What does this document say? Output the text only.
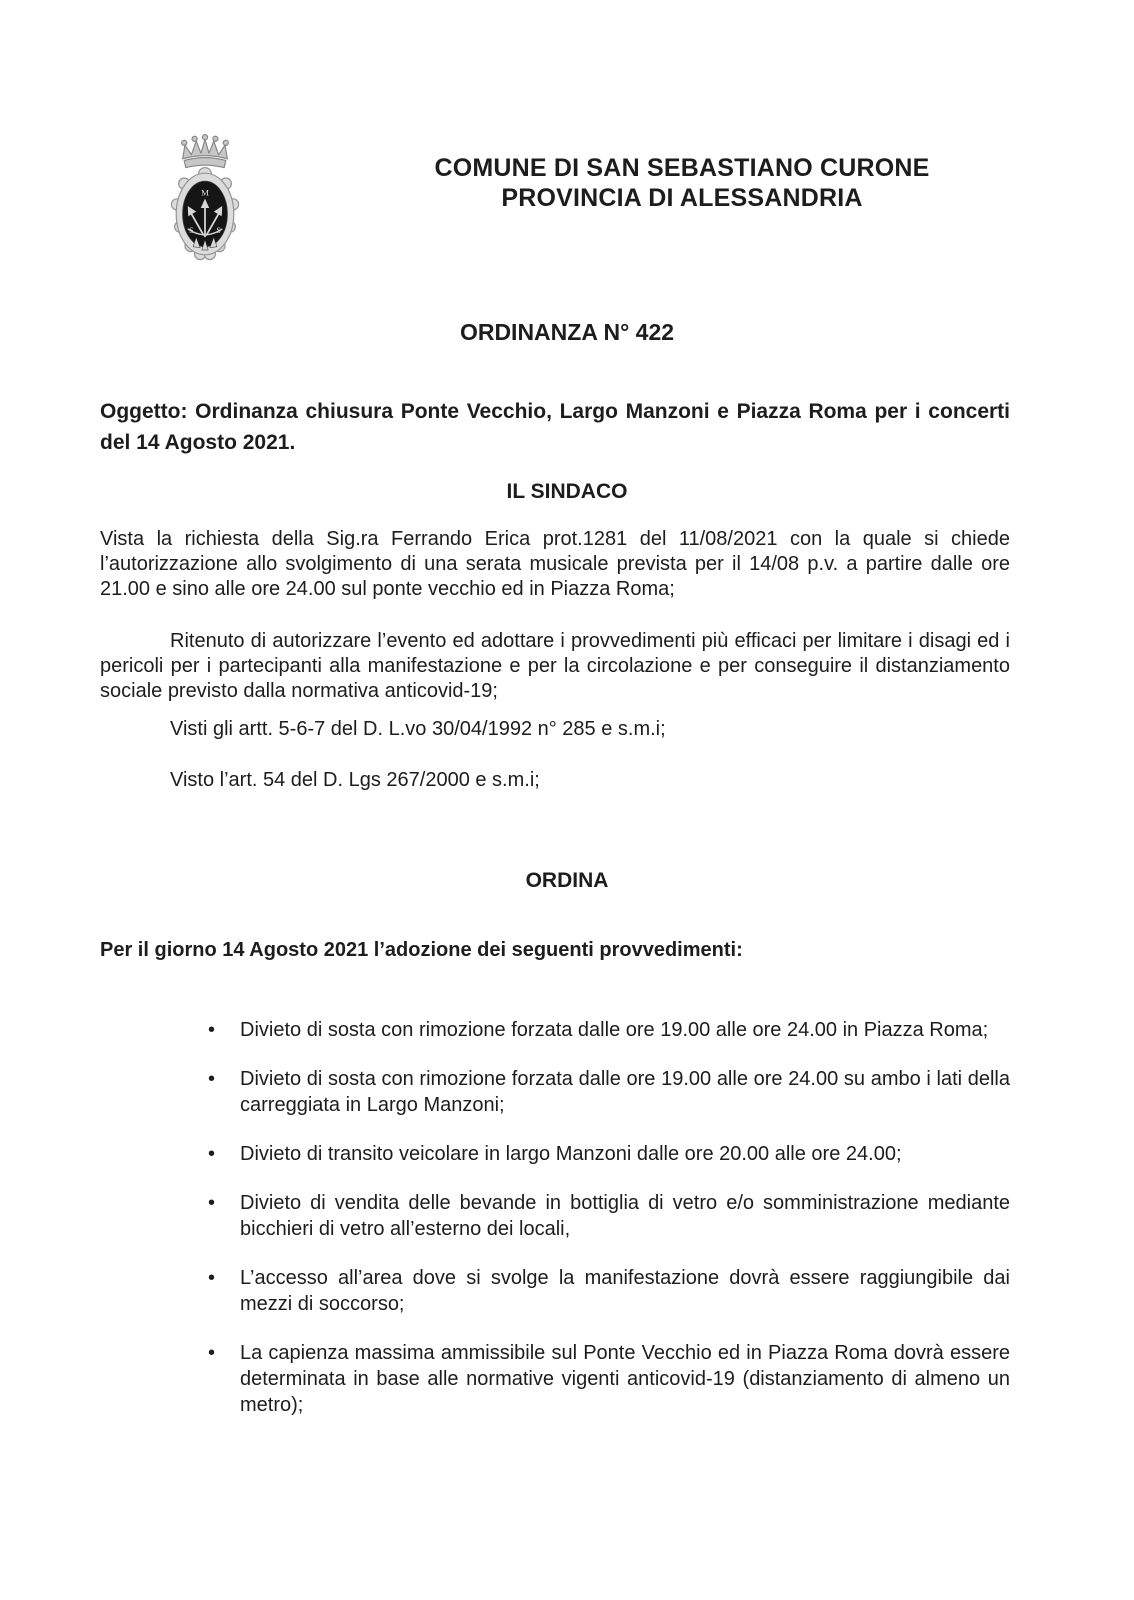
M
S S
COMUNE DI SAN SEBASTIANO CURONE
PROVINCIA DI ALESSANDRIA
ORDINANZA N° 422

Oggetto: Ordinanza chiusura Ponte Vecchio, Largo Manzoni e Piazza Roma per i concerti del 14 Agosto 2021.

IL SINDACO

Vista la richiesta della Sig.ra Ferrando Erica prot.1281 del 11/08/2021 con la quale si chiede l’autorizzazione allo svolgimento di una serata musicale prevista per il 14/08 p.v. a partire dalle ore 21.00 e sino alle ore 24.00 sul ponte vecchio ed in Piazza Roma;

Ritenuto di autorizzare l’evento ed adottare i provvedimenti più efficaci per limitare i disagi ed i pericoli per i partecipanti alla manifestazione e per la circolazione e per conseguire il distanziamento sociale previsto dalla normativa anticovid-19;

Visti gli artt. 5-6-7 del D. L.vo 30/04/1992 n° 285 e s.m.i;

Visto l’art. 54 del D. Lgs 267/2000 e s.m.i;

ORDINA

Per il giorno 14 Agosto 2021 l’adozione dei seguenti provvedimenti:

• Divieto di sosta con rimozione forzata dalle ore 19.00 alle ore 24.00 in Piazza Roma;
• Divieto di sosta con rimozione forzata dalle ore 19.00 alle ore 24.00 su ambo i lati della carreggiata in Largo Manzoni;
• Divieto di transito veicolare in largo Manzoni dalle ore 20.00 alle ore 24.00;
• Divieto di vendita delle bevande in bottiglia di vetro e/o somministrazione mediante bicchieri di vetro all’esterno dei locali,
• L’accesso all’area dove si svolge la manifestazione dovrà essere raggiungibile dai mezzi di soccorso;
• La capienza massima ammissibile sul Ponte Vecchio ed in Piazza Roma dovrà essere determinata in base alle normative vigenti anticovid-19 (distanziamento di almeno un metro);
